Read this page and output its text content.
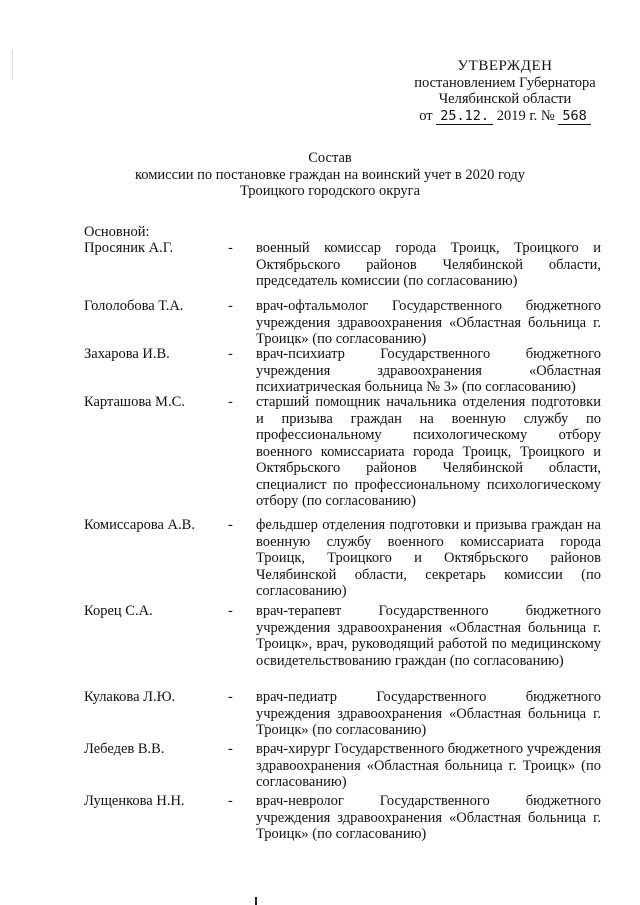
УТВЕРЖДЕН
постановлением Губернатора
Челябинской области
от 25.12. 2019 г. № 568
Состав
комиссии по постановке граждан на воинский учет в 2020 году
Троицкого городского округа
Основной:
Просяник А.Г.	- военный комиссар города Троицк, Троицкого и Октябрьского районов Челябинской области, председатель комиссии (по согласованию)
Гололобова Т.А.	- врач-офтальмолог Государственного бюджетного учреждения здравоохранения «Областная больница г. Троицк» (по согласованию)
Захарова И.В.	- врач-психиатр Государственного бюджетного учреждения здравоохранения «Областная психиатрическая больница № 3» (по согласованию)
Карташова М.С.	- старший помощник начальника отделения подготовки и призыва граждан на военную службу по профессиональному психологическому отбору военного комиссариата города Троицк, Троицкого и Октябрьского районов Челябинской области, специалист по профессиональному психологическому отбору (по согласованию)
Комиссарова А.В. - фельдшер отделения подготовки и призыва граждан на военную службу военного комиссариата города Троицк, Троицкого и Октябрьского районов Челябинской области, секретарь комиссии (по согласованию)
Корец С.А.	- врач-терапевт Государственного бюджетного учреждения здравоохранения «Областная больница г. Троицк», врач, руководящий работой по медицинскому освидетельствованию граждан (по согласованию)
Кулакова Л.Ю.	- врач-педиатр Государственного бюджетного учреждения здравоохранения «Областная больница г. Троицк» (по согласованию)
Лебедев В.В.	- врач-хирург Государственного бюджетного учреждения здравоохранения «Областная больница г. Троицк» (по согласованию)
Лущенкова Н.Н.	- врач-невролог Государственного бюджетного учреждения здравоохранения «Областная больница г. Троицк» (по согласованию)
